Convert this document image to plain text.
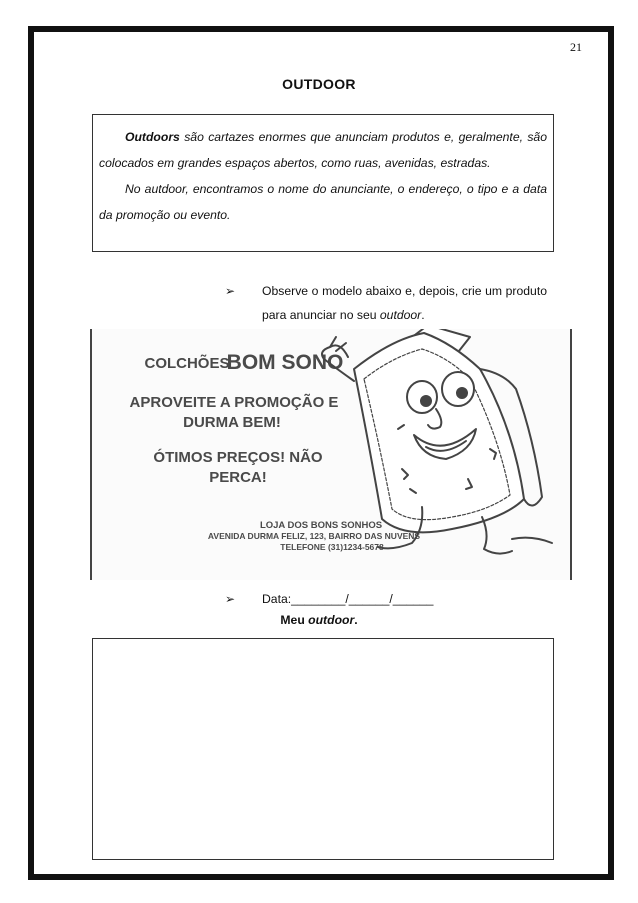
21
OUTDOOR

Outdoors são cartazes enormes que anunciam produtos e, geralmente, são colocados em grandes espaços abertos, como ruas, avenidas, estradas.

No autdoor, encontramos o nome do anunciante, o endereço, o tipo e a data da promoção ou evento.

➢ Observe o modelo abaixo e, depois, crie um produto para anunciar no seu outdoor.
COLCHÕES
BOM SONO
APROVEITE A PROMOÇÃO E
DURMA BEM!
ÓTIMOS PREÇOS! NÃO
PERCA!
LOJA DOS BONS SONHOS
AVENIDA DURMA FELIZ, 123, BAIRRO DAS NUVENS
TELEFONE (31)1234-5678
➢ Data:________/______/______
Meu outdoor.
